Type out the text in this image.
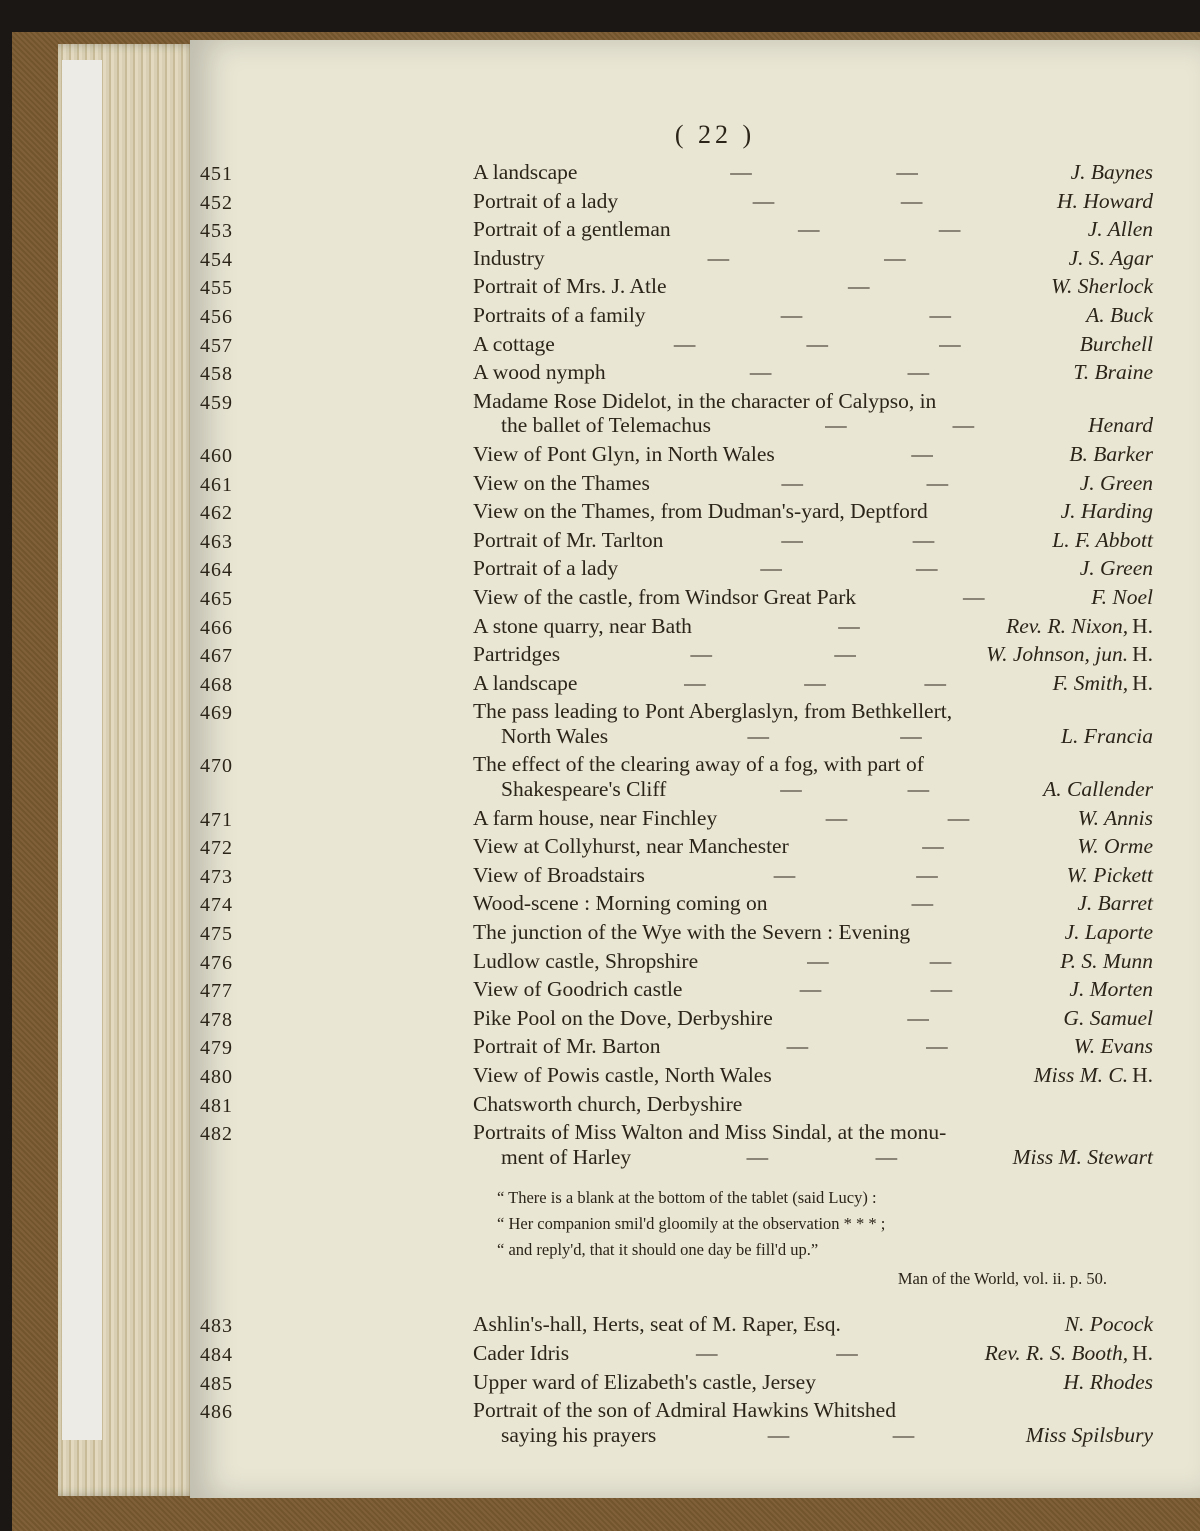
( 22 )
451	A landscape	—	—	J. Baynes
452	Portrait of a lady	—	—	H. Howard
453	Portrait of a gentleman	—	—	J. Allen
454	Industry	—	—	J. S. Agar
455	Portrait of Mrs. J. Atle	—	W. Sherlock
456	Portraits of a family	—	—	A. Buck
457	A cottage	—	—	—	Burchell
458	A wood nymph	—	—	T. Braine
459	Madame Rose Didelot, in the character of Calypso, in
the ballet of Telemachus	—	—	Henard
460	View of Pont Glyn, in North Wales	—	B. Barker
461	View on the Thames	—	—	J. Green
462	View on the Thames, from Dudman's-yard, Deptford	J. Harding
463	Portrait of Mr. Tarlton	—	—	L. F. Abbott
464	Portrait of a lady	—	—	J. Green
465	View of the castle, from Windsor Great Park	—	F. Noel
466	A stone quarry, near Bath	—	Rev. R. Nixon, H.
467	Partridges	—	—	W. Johnson, jun. H.
468	A landscape	—	—	—	F. Smith, H.
469	The pass leading to Pont Aberglaslyn, from Bethkellert,
North Wales	—	—	L. Francia
470	The effect of the clearing away of a fog, with part of
Shakespeare's Cliff	—	—	A. Callender
471	A farm house, near Finchley	—	—	W. Annis
472	View at Collyhurst, near Manchester	—	W. Orme
473	View of Broadstairs	—	—	W. Pickett
474	Wood-scene : Morning coming on	—	J. Barret
475	The junction of the Wye with the Severn : Evening	J. Laporte
476	Ludlow castle, Shropshire	—	—	P. S. Munn
477	View of Goodrich castle	—	—	J. Morten
478	Pike Pool on the Dove, Derbyshire	—	G. Samuel
479	Portrait of Mr. Barton	—	—	W. Evans
480	View of Powis castle, North Wales	Miss M. C. H.
481	Chatsworth church, Derbyshire
482	Portraits of Miss Walton and Miss Sindal, at the monu-
ment of Harley	—	—	Miss M. Stewart
“ There is a blank at the bottom of the tablet (said Lucy) :
“ Her companion smil'd gloomily at the observation * * * ;
“ and reply'd, that it should one day be fill'd up.”
Man of the World, vol. ii. p. 50.
483	Ashlin's-hall, Herts, seat of M. Raper, Esq.	N. Pocock
484	Cader Idris	—	—	Rev. R. S. Booth, H.
485	Upper ward of Elizabeth's castle, Jersey	H. Rhodes
486	Portrait of the son of Admiral Hawkins Whitshed
saying his prayers	—	—	Miss Spilsbury
